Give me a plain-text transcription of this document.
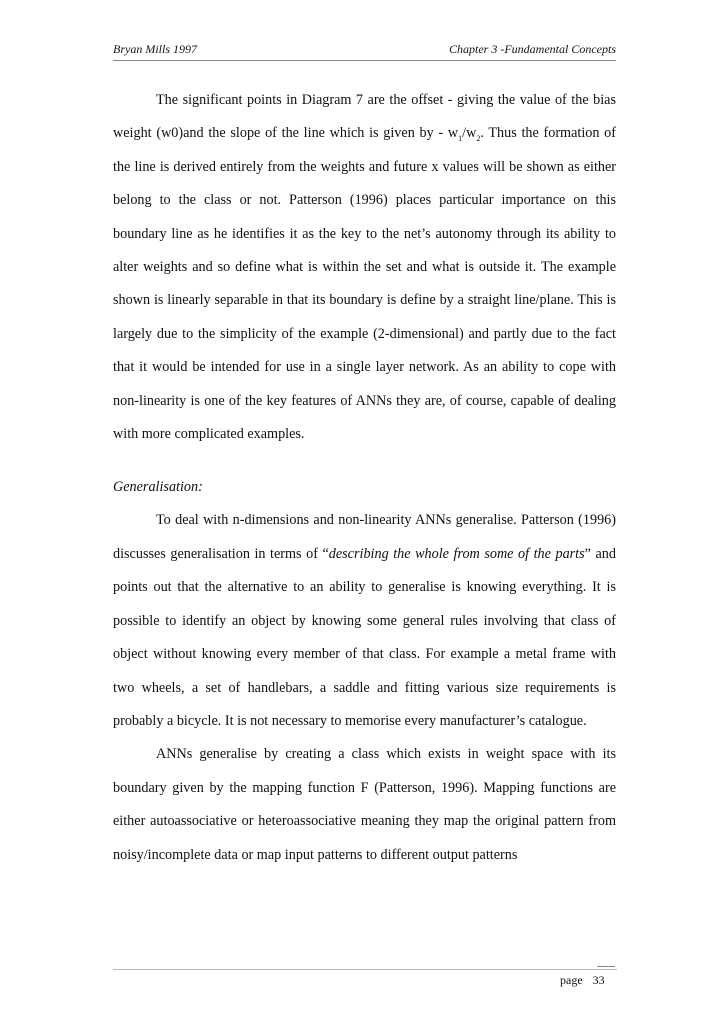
Bryan Mills 1997	Chapter 3 -Fundamental Concepts

The significant points in Diagram 7 are the offset - giving the value of the bias weight (w0)and the slope of the line which is given by - $w_1/w_2$. Thus the formation of the line is derived entirely from the weights and future x values will be shown as either belong to the class or not. Patterson (1996) places particular importance on this boundary line as he identifies it as the key to the net’s autonomy through its ability to alter weights and so define what is within the set and what is outside it. The example shown is linearly separable in that its boundary is define by a straight line/plane. This is largely due to the simplicity of the example (2-dimensional) and partly due to the fact that it would be intended for use in a single layer network. As an ability to cope with non-linearity is one of the key features of ANNs they are, of course, capable of dealing with more complicated examples.

Generalisation:

To deal with n-dimensions and non-linearity ANNs generalise. Patterson (1996) discusses generalisation in terms of “describing the whole from some of the parts” and points out that the alternative to an ability to generalise is knowing everything. It is possible to identify an object by knowing some general rules involving that class of object without knowing every member of that class. For example a metal frame with two wheels, a set of handlebars, a saddle and fitting various size requirements is probably a bicycle. It is not necessary to memorise every manufacturer’s catalogue.

ANNs generalise by creating a class which exists in weight space with its boundary given by the mapping function F (Patterson, 1996). Mapping functions are either autoassociative or heteroassociative meaning they map the original pattern from noisy/incomplete data or map input patterns to different output patterns

page 33
